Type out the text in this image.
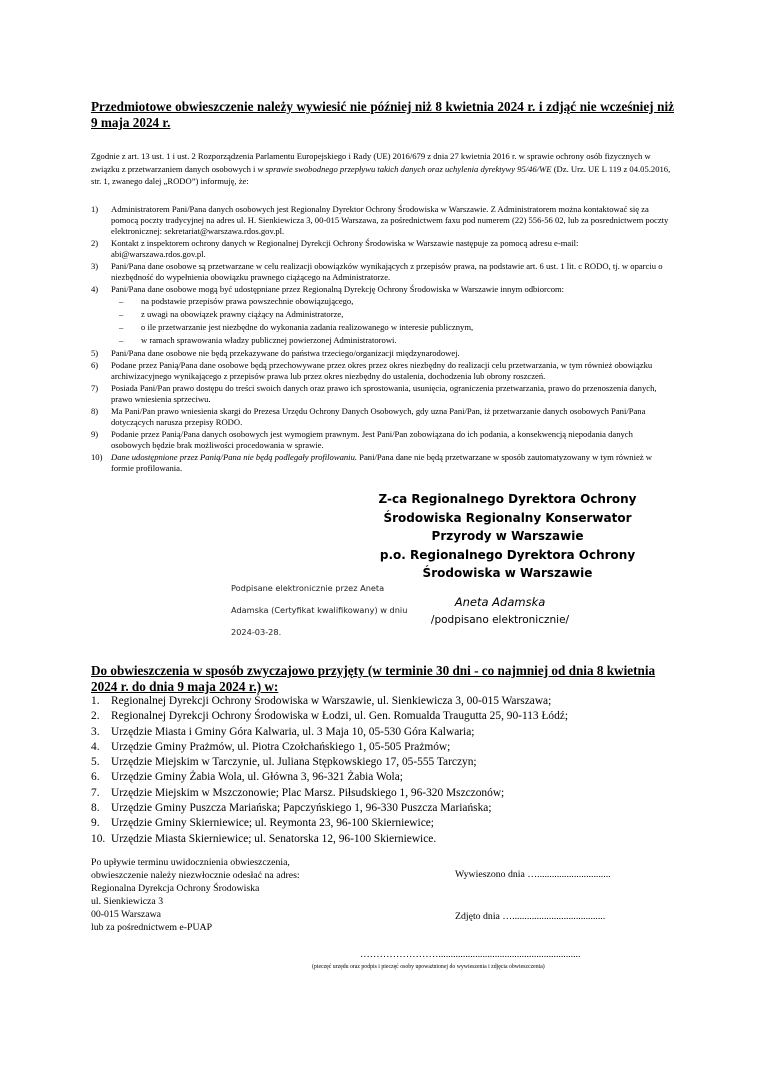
Przedmiotowe obwieszczenie należy wywiesić nie później niż 8 kwietnia 2024 r. i zdjąć nie wcześniej niż 9 maja 2024 r.
Zgodnie z art. 13 ust. 1 i ust. 2 Rozporządzenia Parlamentu Europejskiego i Rady (UE) 2016/679 z dnia 27 kwietnia 2016 r. w sprawie ochrony osób fizycznych w związku z przetwarzaniem danych osobowych i w sprawie swobodnego przepływu takich danych oraz uchylenia dyrektywy 95/46/WE (Dz. Urz. UE L 119 z 04.05.2016, str. 1, zwanego dalej „RODO”) informuję, że:
1) Administratorem Pani/Pana danych osobowych jest Regionalny Dyrektor Ochrony Środowiska w Warszawie. Z Administratorem można kontaktować się za pomocą poczty tradycyjnej na adres ul. H. Sienkiewicza 3, 00-015 Warszawa, za pośrednictwem faxu pod numerem (22) 556-56 02, lub za posrednictwem poczty elektronicznej: sekretariat@warszawa.rdos.gov.pl.
2) Kontakt z inspektorem ochrony danych w Regionalnej Dyrekcji Ochrony Środowiska w Warszawie następuje za pomocą adresu e-mail: abi@warszawa.rdos.gov.pl.
3) Pani/Pana dane osobowe są przetwarzane w celu realizacji obowiązków wynikających z przepisów prawa, na podstawie art. 6 ust. 1 lit. c RODO, tj. w oparciu o niezbędność do wypełnienia obowiązku prawnego ciążącego na Administratorze.
4) Pani/Pana dane osobowe mogą być udostępniane przez Regionalną Dyrekcję Ochrony Środowiska w Warszawie innym odbiorcom:
– na podstawie przepisów prawa powszechnie obowiązującego,
– z uwagi na obowiązek prawny ciążący na Administratorze,
– o ile przetwarzanie jest niezbędne do wykonania zadania realizowanego w interesie publicznym,
– w ramach sprawowania władzy publicznej powierzonej Administratorowi.
5) Pani/Pana dane osobowe nie będą przekazywane do państwa trzeciego/organizacji międzynarodowej.
6) Podane przez Panią/Pana dane osobowe będą przechowywane przez okres przez okres niezbędny do realizacji celu przetwarzania, w tym również obowiązku archiwizacyjnego wynikającego z przepisów prawa lub przez okres niezbędny do ustalenia, dochodzenia lub obrony roszczeń.
7) Posiada Pani/Pan prawo dostępu do treści swoich danych oraz prawo ich sprostowania, usunięcia, ograniczenia przetwarzania, prawo do przenoszenia danych, prawo wniesienia sprzeciwu.
8) Ma Pani/Pan prawo wniesienia skargi do Prezesa Urzędu Ochrony Danych Osobowych, gdy uzna Pani/Pan, iż przetwarzanie danych osobowych Pani/Pana dotyczących narusza przepisy RODO.
9) Podanie przez Panią/Pana danych osobowych jest wymogiem prawnym. Jest Pani/Pan zobowiązana do ich podania, a konsekwencją niepodania danych osobowych będzie brak możliwości procedowania w sprawie.
10) Dane udostępnione przez Panią/Pana nie będą podlegały profilowaniu. Pani/Pana dane nie będą przetwarzane w sposób zautomatyzowany w tym również w formie profilowania.
Z-ca Regionalnego Dyrektora Ochrony
Środowiska Regionalny Konserwator
Przyrody w Warszawie
p.o. Regionalnego Dyrektora Ochrony
Środowiska w Warszawie
Podpisane elektronicznie przez Aneta
Adamska (Certyfikat kwalifikowany) w dniu
2024-03-28.
Aneta Adamska
/podpisano elektronicznie/
Do obwieszczenia w sposób zwyczajowo przyjęty (w terminie 30 dni - co najmniej od dnia 8 kwietnia 2024 r. do dnia 9 maja 2024 r.) w:
1. Regionalnej Dyrekcji Ochrony Środowiska w Warszawie, ul. Sienkiewicza 3, 00-015 Warszawa;
2. Regionalnej Dyrekcji Ochrony Środowiska w Łodzi, ul. Gen. Romualda Traugutta 25, 90-113 Łódź;
3. Urzędzie Miasta i Gminy Góra Kalwaria, ul. 3 Maja 10, 05-530 Góra Kalwaria;
4. Urzędzie Gminy Prażmów, ul. Piotra Czołchańskiego 1, 05-505 Prażmów;
5. Urzędzie Miejskim w Tarczynie, ul. Juliana Stępkowskiego 17, 05-555 Tarczyn;
6. Urzędzie Gminy Żabia Wola, ul. Główna 3, 96-321 Żabia Wola;
7. Urzędzie Miejskim w Mszczonowie; Plac Marsz. Piłsudskiego 1, 96-320 Mszczonów;
8. Urzędzie Gminy Puszcza Mariańska; Papczyńskiego 1, 96-330 Puszcza Mariańska;
9. Urzędzie Gminy Skierniewice; ul. Reymonta 23, 96-100 Skierniewice;
10. Urzędzie Miasta Skierniewice; ul. Senatorska 12, 96-100 Skierniewice.
Po upływie terminu uwidocznienia obwieszczenia,
obwieszczenie należy niezwłocznie odesłać na adres:
Regionalna Dyrekcja Ochrony Środowiska
ul. Sienkiewicza 3
00-015 Warszawa
lub za pośrednictwem e-PUAP
Wywieszono dnia …..............................
Zdjęto dnia …......................................
……………………..........................................................
(pieczęć urzędu oraz podpis i pieczęć osoby upoważnionej do wywieszenia i zdjęcia obwieszczenia)
